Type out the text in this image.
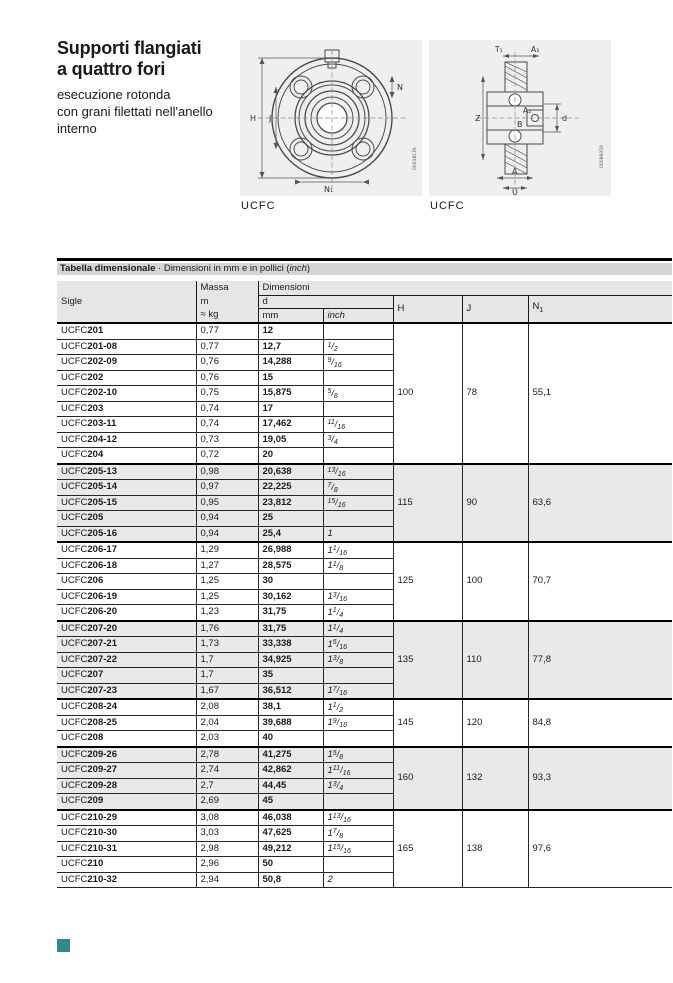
Supporti flangiati
a quattro fori
esecuzione rotonda
con grani filettati nell'anello
interno
H J
N
N₁
00016CFA
UCFC
T₁	A₃
Z
A₂
B
d
A
U
00086059
UCFC
Tabella dimensionale · Dimensioni in mm e in pollici (inch)
Sigle	Massa	Dimensioni				
	m	d		H	J	$N_1$
	≈ kg	mm	inch			
UCFC201	0,77	12		100	78	55,1
UCFC201-08	0,77	12,7	$^1/_2$
UCFC202-09	0,76	14,288	$^9/_{16}$
UCFC202	0,76	15				
UCFC202-10	0,75	15,875	$^5/_8$
UCFC203	0,74	17				
UCFC203-11	0,74	17,462	$^{11}/_{16}$
UCFC204-12	0,73	19,05	$^3/_4$
UCFC204	0,72	20				
UCFC205-13	0,98	20,638	$^{13}/_{16}$	115	90	63,6
UCFC205-14	0,97	22,225	$^7/_8$
UCFC205-15	0,95	23,812	$^{15}/_{16}$
UCFC205	0,94	25				
UCFC205-16	0,94	25,4	1			
UCFC206-17	1,29	26,988	$1^1/_{16}$	125	100	70,7
UCFC206-18	1,27	28,575	$1^1/_8$
UCFC206	1,25	30				
UCFC206-19	1,25	30,162	$1^3/_{16}$
UCFC206-20	1,23	31,75	$1^1/_4$
UCFC207-20	1,76	31,75	$1^1/_4$	135	110	77,8
UCFC207-21	1,73	33,338	$1^5/_{16}$
UCFC207-22	1,7	34,925	$1^3/_8$
UCFC207	1,7	35				
UCFC207-23	1,67	36,512	$1^7/_{16}$
UCFC208-24	2,08	38,1	$1^1/_2$	145	120	84,8
UCFC208-25	2,04	39,688	$1^9/_{16}$
UCFC208	2,03	40				
UCFC209-26	2,78	41,275	$1^5/_8$	160	132	93,3
UCFC209-27	2,74	42,862	$1^{11}/_{16}$
UCFC209-28	2,7	44,45	$1^3/_4$
UCFC209	2,69	45				
UCFC210-29	3,08	46,038	$1^{13}/_{16}$	165	138	97,6
UCFC210-30	3,03	47,625	$1^7/_8$
UCFC210-31	2,98	49,212	$1^{15}/_{16}$
UCFC210	2,96	50				
UCFC210-32	2,94	50,8	2			
